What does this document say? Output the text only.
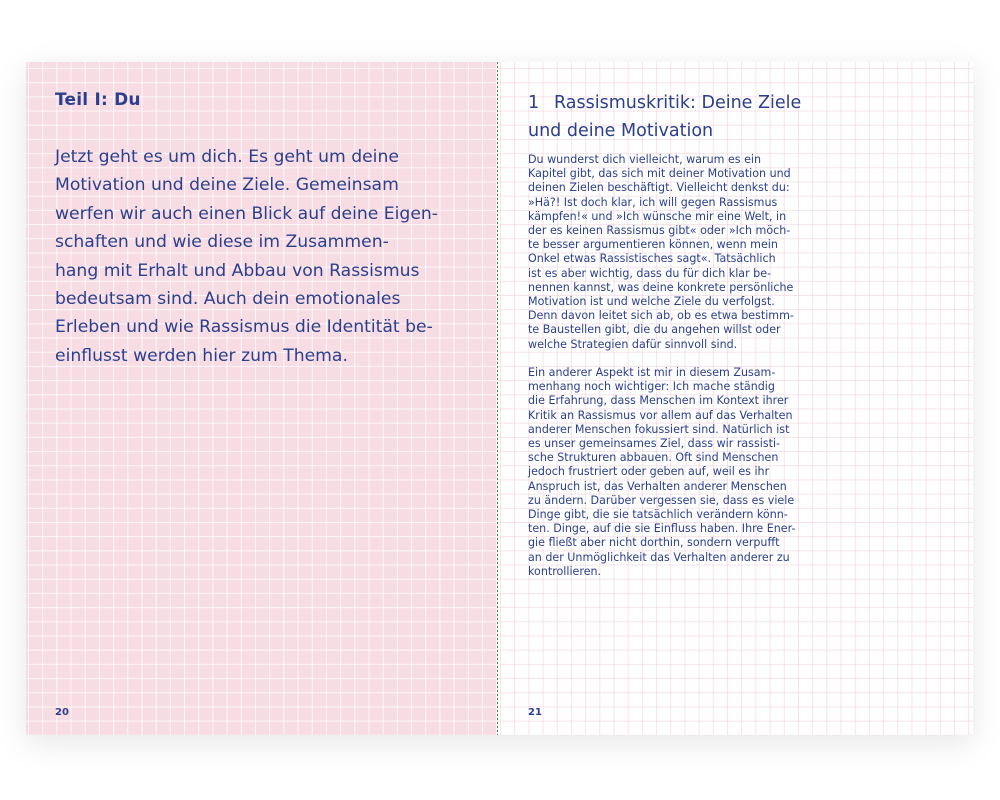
Teil I: Du

Jetzt geht es um dich. Es geht um deine
Motivation und deine Ziele. Gemeinsam
werfen wir auch einen Blick auf deine Eigen-
schaften und wie diese im Zusammen-
hang mit Erhalt und Abbau von Rassismus
bedeutsam sind. Auch dein emotionales
Erleben und wie Rassismus die Identität be-
einflusst werden hier zum Thema.

20
1 Rassismuskritik: Deine Ziele
und deine Motivation

Du wunderst dich vielleicht, warum es ein
Kapitel gibt, das sich mit deiner Motivation und
deinen Zielen beschäftigt. Vielleicht denkst du:
»Hä?! Ist doch klar, ich will gegen Rassismus
kämpfen!« und »Ich wünsche mir eine Welt, in
der es keinen Rassismus gibt« oder »Ich möch-
te besser argumentieren können, wenn mein
Onkel etwas Rassistisches sagt«. Tatsächlich
ist es aber wichtig, dass du für dich klar be-
nennen kannst, was deine konkrete persönliche
Motivation ist und welche Ziele du verfolgst.
Denn davon leitet sich ab, ob es etwa bestimm-
te Baustellen gibt, die du angehen willst oder
welche Strategien dafür sinnvoll sind.

Ein anderer Aspekt ist mir in diesem Zusam-
menhang noch wichtiger: Ich mache ständig
die Erfahrung, dass Menschen im Kontext ihrer
Kritik an Rassismus vor allem auf das Verhalten
anderer Menschen fokussiert sind. Natürlich ist
es unser gemeinsames Ziel, dass wir rassisti-
sche Strukturen abbauen. Oft sind Menschen
jedoch frustriert oder geben auf, weil es ihr
Anspruch ist, das Verhalten anderer Menschen
zu ändern. Darüber vergessen sie, dass es viele
Dinge gibt, die sie tatsächlich verändern könn-
ten. Dinge, auf die sie Einfluss haben. Ihre Ener-
gie fließt aber nicht dorthin, sondern verpufft
an der Unmöglichkeit das Verhalten anderer zu
kontrollieren.

21
